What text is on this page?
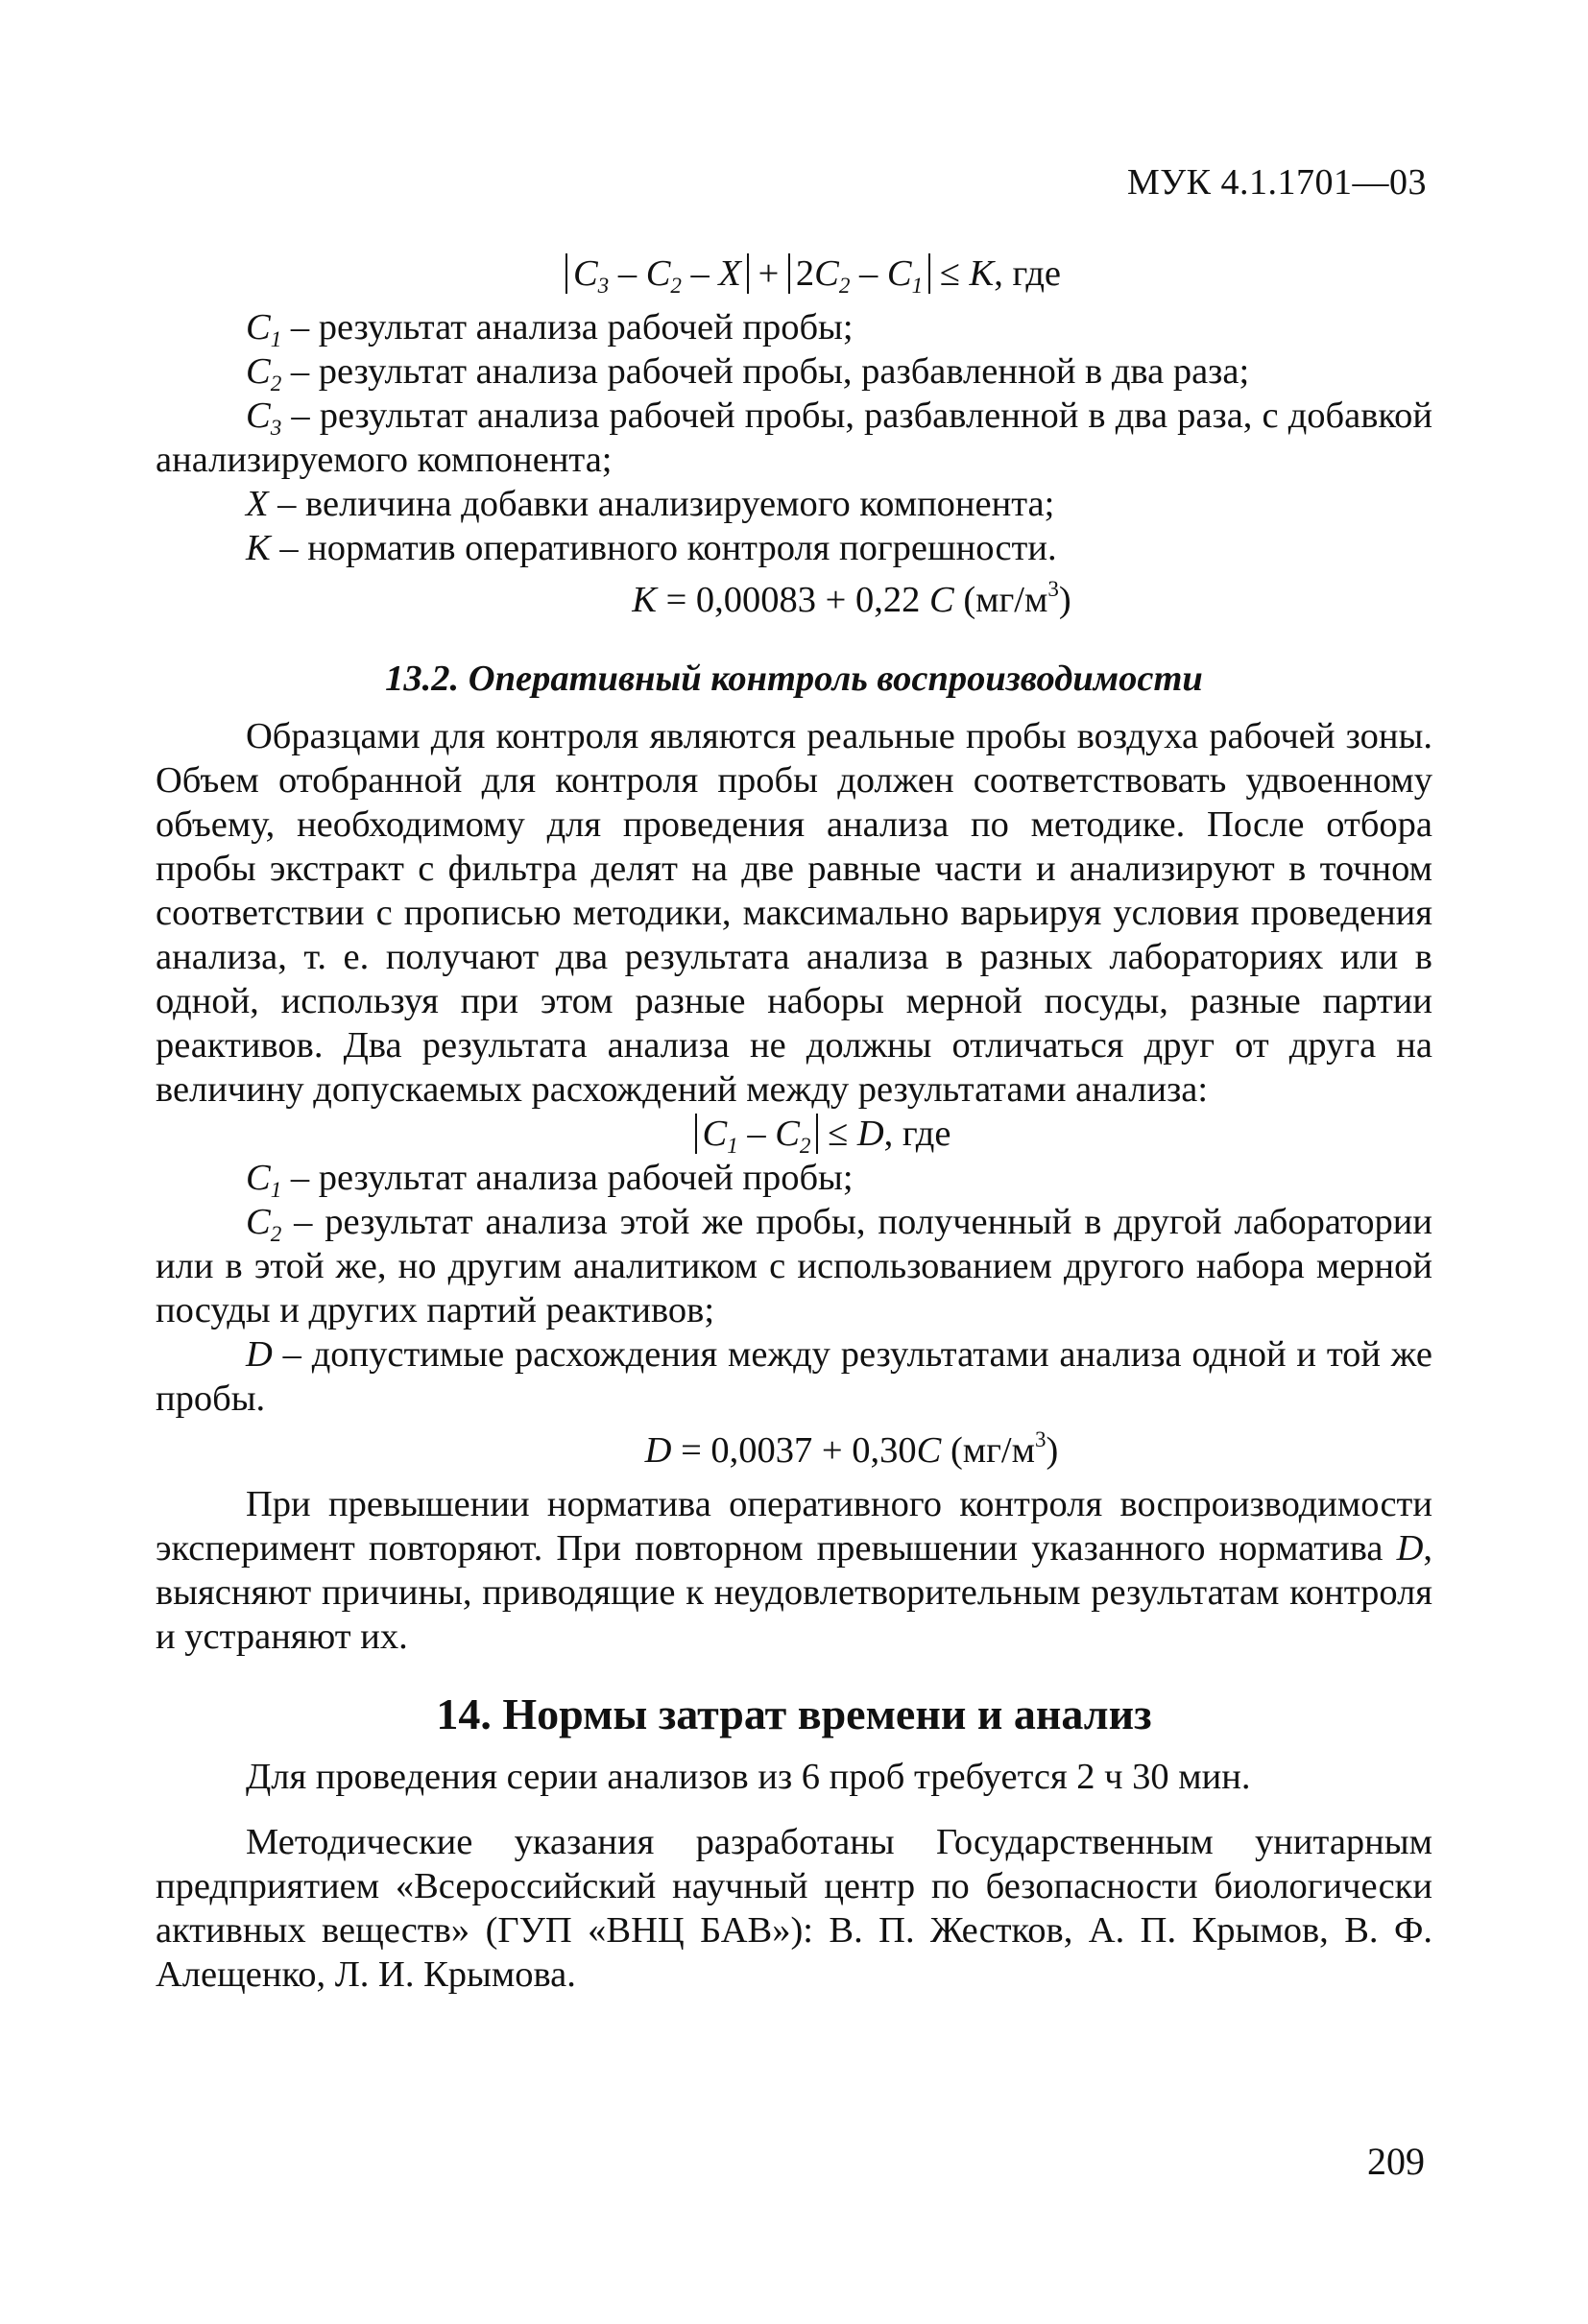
МУК 4.1.1701—03
$C_3 - C_2 - X + 2C_2 - C_1 \le K$, где

$C_1$ – результат анализа рабочей пробы;

$C_2$ – результат анализа рабочей пробы, разбавленной в два раза;

$C_3$ – результат анализа рабочей пробы, разбавленной в два раза, с добавкой анализируемого компонента;

X – величина добавки анализируемого компонента;

K – норматив оперативного контроля погрешности.

K = 0,00083 + 0,22 C $(мг/м^3)$
13.2. Оперативный контроль воспроизводимости

Образцами для контроля являются реальные пробы воздуха рабочей зоны. Объем отобранной для контроля пробы должен соответствовать удвоенному объему, необходимому для проведения анализа по методике. После отбора пробы экстракт с фильтра делят на две равные части и анализируют в точном соответствии с прописью методики, максимально варьируя условия проведения анализа, т. е. получают два результата анализа в разных лабораториях или в одной, используя при этом разные наборы мерной посуды, разные партии реактивов. Два результата анализа не должны отличаться друг от друга на величину допускаемых расхождений между результатами анализа:

$C_1 - C_2 \le D$, где

$C_1$ – результат анализа рабочей пробы;

$C_2$ – результат анализа этой же пробы, полученный в другой лаборатории или в этой же, но другим аналитиком с использованием другого набора мерной посуды и других партий реактивов;

D – допустимые расхождения между результатами анализа одной и той же пробы.

D = 0,0037 + 0,30C $(мг/м^3)$

При превышении норматива оперативного контроля воспроизводимости эксперимент повторяют. При повторном превышении указанного норматива D, выясняют причины, приводящие к неудовлетворительным результатам контроля и устраняют их.

14. Нормы затрат времени и анализ

Для проведения серии анализов из 6 проб требуется 2 ч 30 мин.

Методические указания разработаны Государственным унитарным предприятием «Всероссийский научный центр по безопасности биологически активных веществ» (ГУП «ВНЦ БАВ»): В. П. Жестков, А. П. Крымов, В. Ф. Алещенко, Л. И. Крымова.

209
